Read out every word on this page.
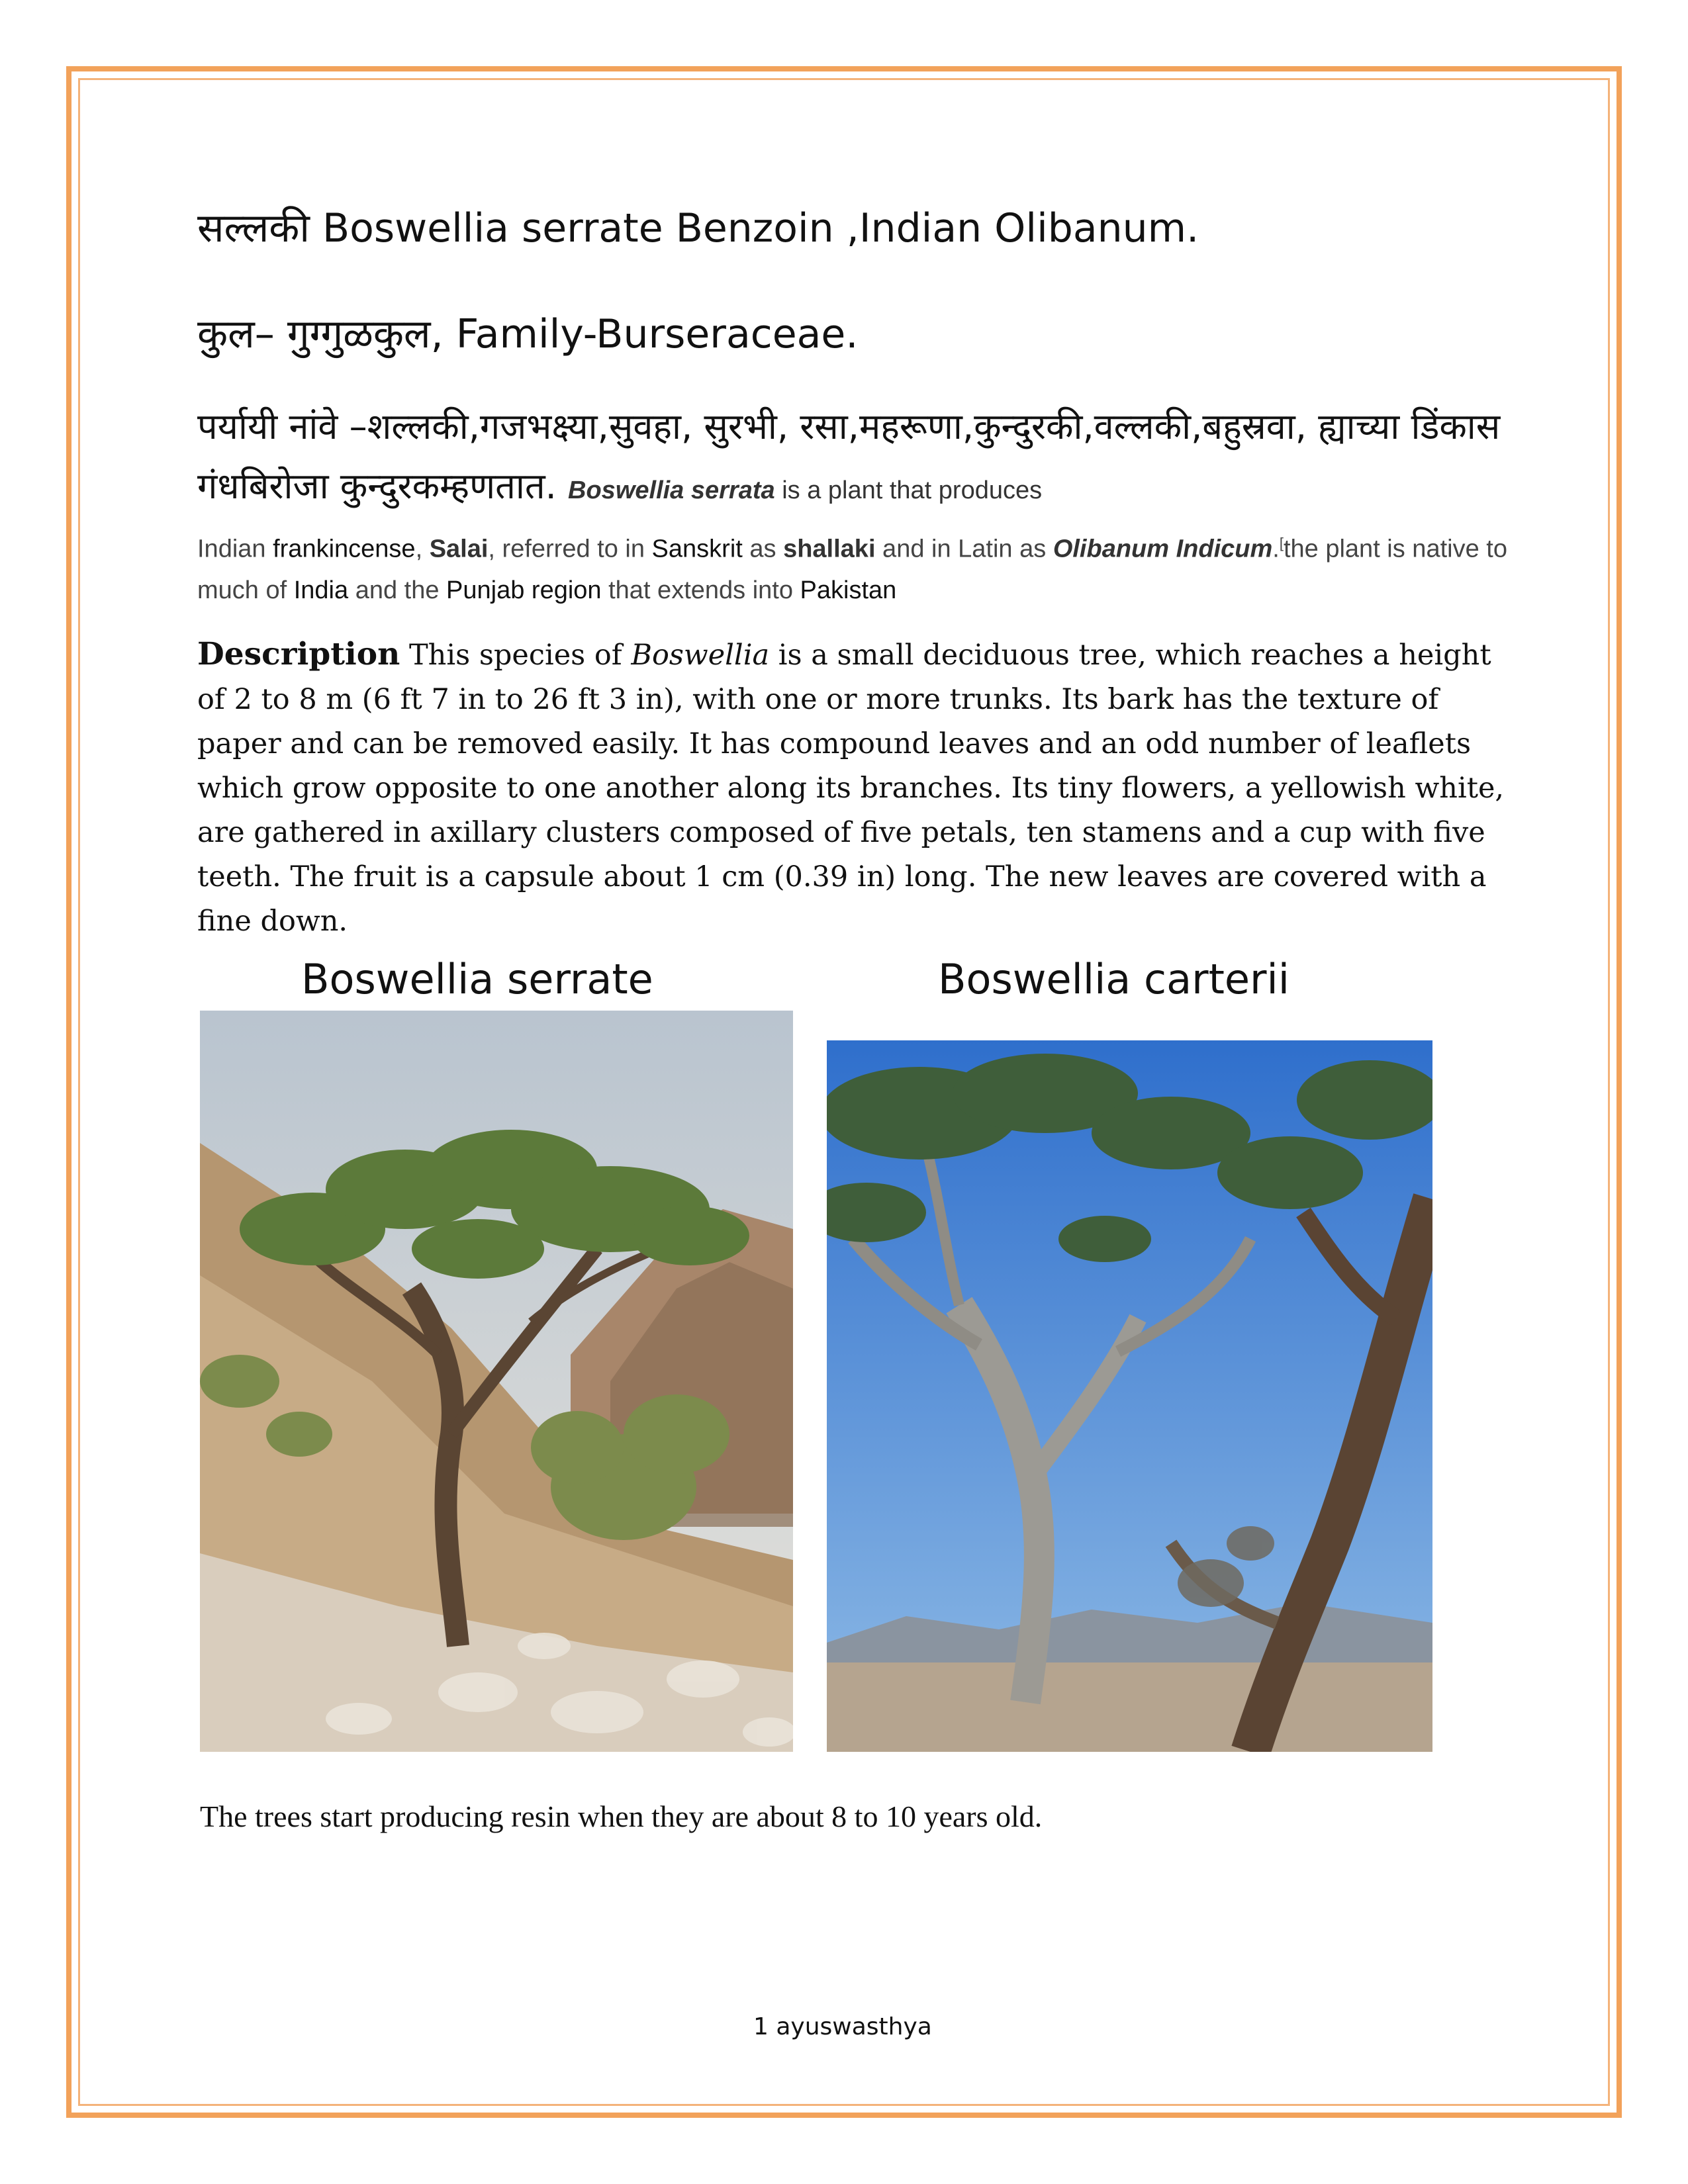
सल्लकी Boswellia serrate Benzoin ,Indian Olibanum.
कुल– गुग्गुळकुल, Family-Burseraceae.
पर्यायी नांवे –शल्लकी,गजभक्ष्या,सुवहा, सुरभी, रसा,महरूणा,कुन्दुरकी,वल्लकी,बहुस्रवा, ह्याच्या डिंकास गंधबिरोजा कुन्दुरकम्हणतात. Boswellia serrata is a plant that produces
Indian frankincense, Salai, referred to in Sanskrit as shallaki and in Latin as Olibanum Indicum.[the plant is native to much of India and the Punjab region that extends into Pakistan
Description This species of Boswellia is a small deciduous tree, which reaches a height of 2 to 8 m (6 ft 7 in to 26 ft 3 in), with one or more trunks. Its bark has the texture of paper and can be removed easily. It has compound leaves and an odd number of leaflets which grow opposite to one another along its branches. Its tiny flowers, a yellowish white, are gathered in axillary clusters composed of five petals, ten stamens and a cup with five teeth. The fruit is a capsule about 1 cm (0.39 in) long. The new leaves are covered with a fine down.
Boswellia serrate	Boswellia carterii
The trees start producing resin when they are about 8 to 10 years old.
1 ayuswasthya
